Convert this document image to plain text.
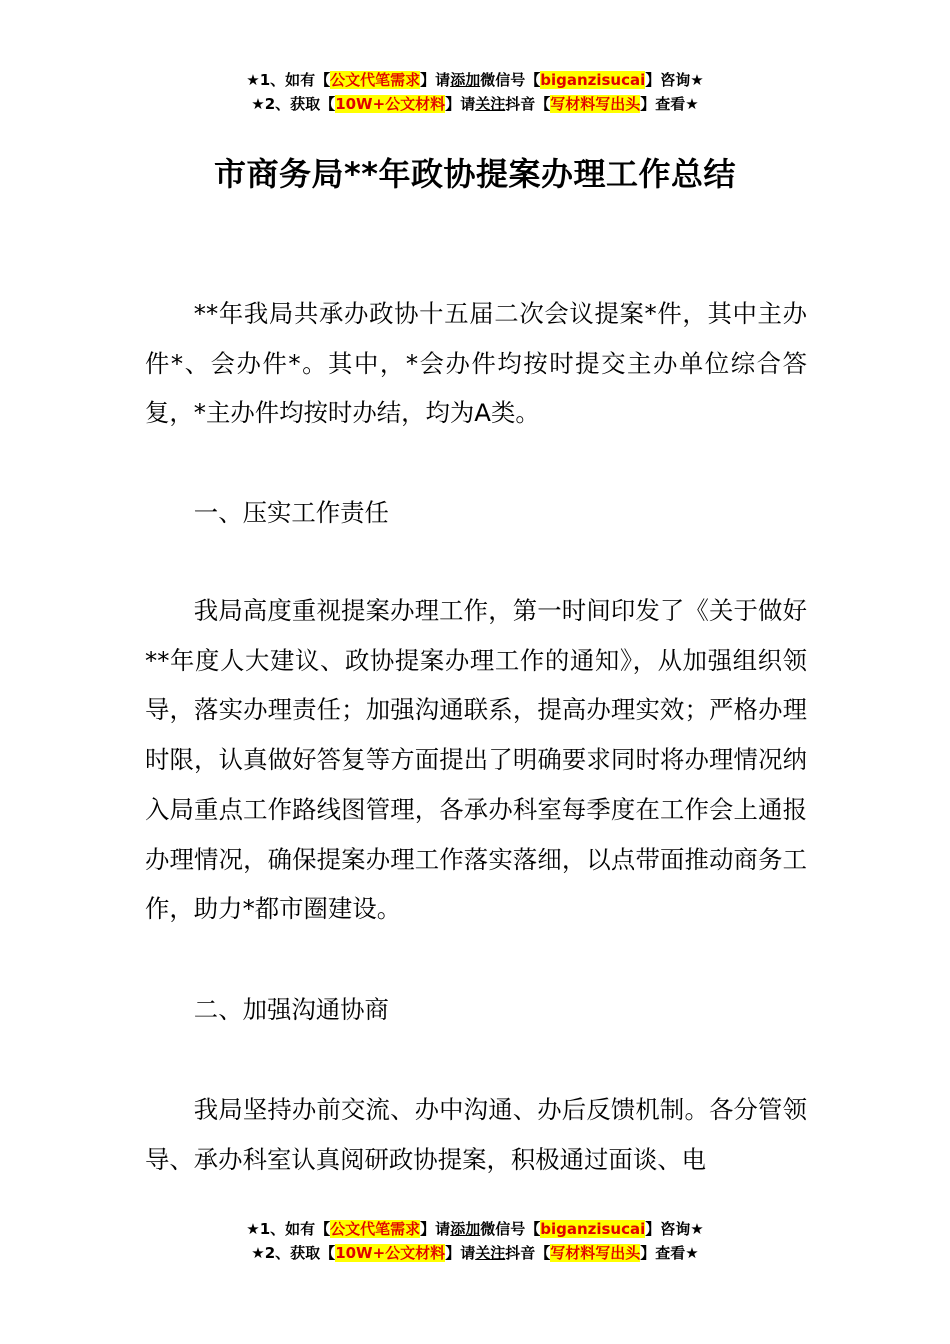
★1、如有【公文代笔需求】请添加微信号【biganzisucai】咨询★
★2、获取【10W+公文材料】请关注抖音【写材料写出头】查看★
市商务局**年政协提案办理工作总结

**年我局共承办政协十五届二次会议提案*件，其中主办件*、会办件*。其中，*会办件均按时提交主办单位综合答复，*主办件均按时办结，均为A类。

一、压实工作责任

我局高度重视提案办理工作，第一时间印发了《关于做好**年度人大建议、政协提案办理工作的通知》，从加强组织领导，落实办理责任；加强沟通联系，提高办理实效；严格办理时限，认真做好答复等方面提出了明确要求同时将办理情况纳入局重点工作路线图管理，各承办科室每季度在工作会上通报办理情况，确保提案办理工作落实落细，以点带面推动商务工作，助力*都市圈建设。

二、加强沟通协商

我局坚持办前交流、办中沟通、办后反馈机制。各分管领导、承办科室认真阅研政协提案，积极通过面谈、电

★1、如有【公文代笔需求】请添加微信号【biganzisucai】咨询★
★2、获取【10W+公文材料】请关注抖音【写材料写出头】查看★
